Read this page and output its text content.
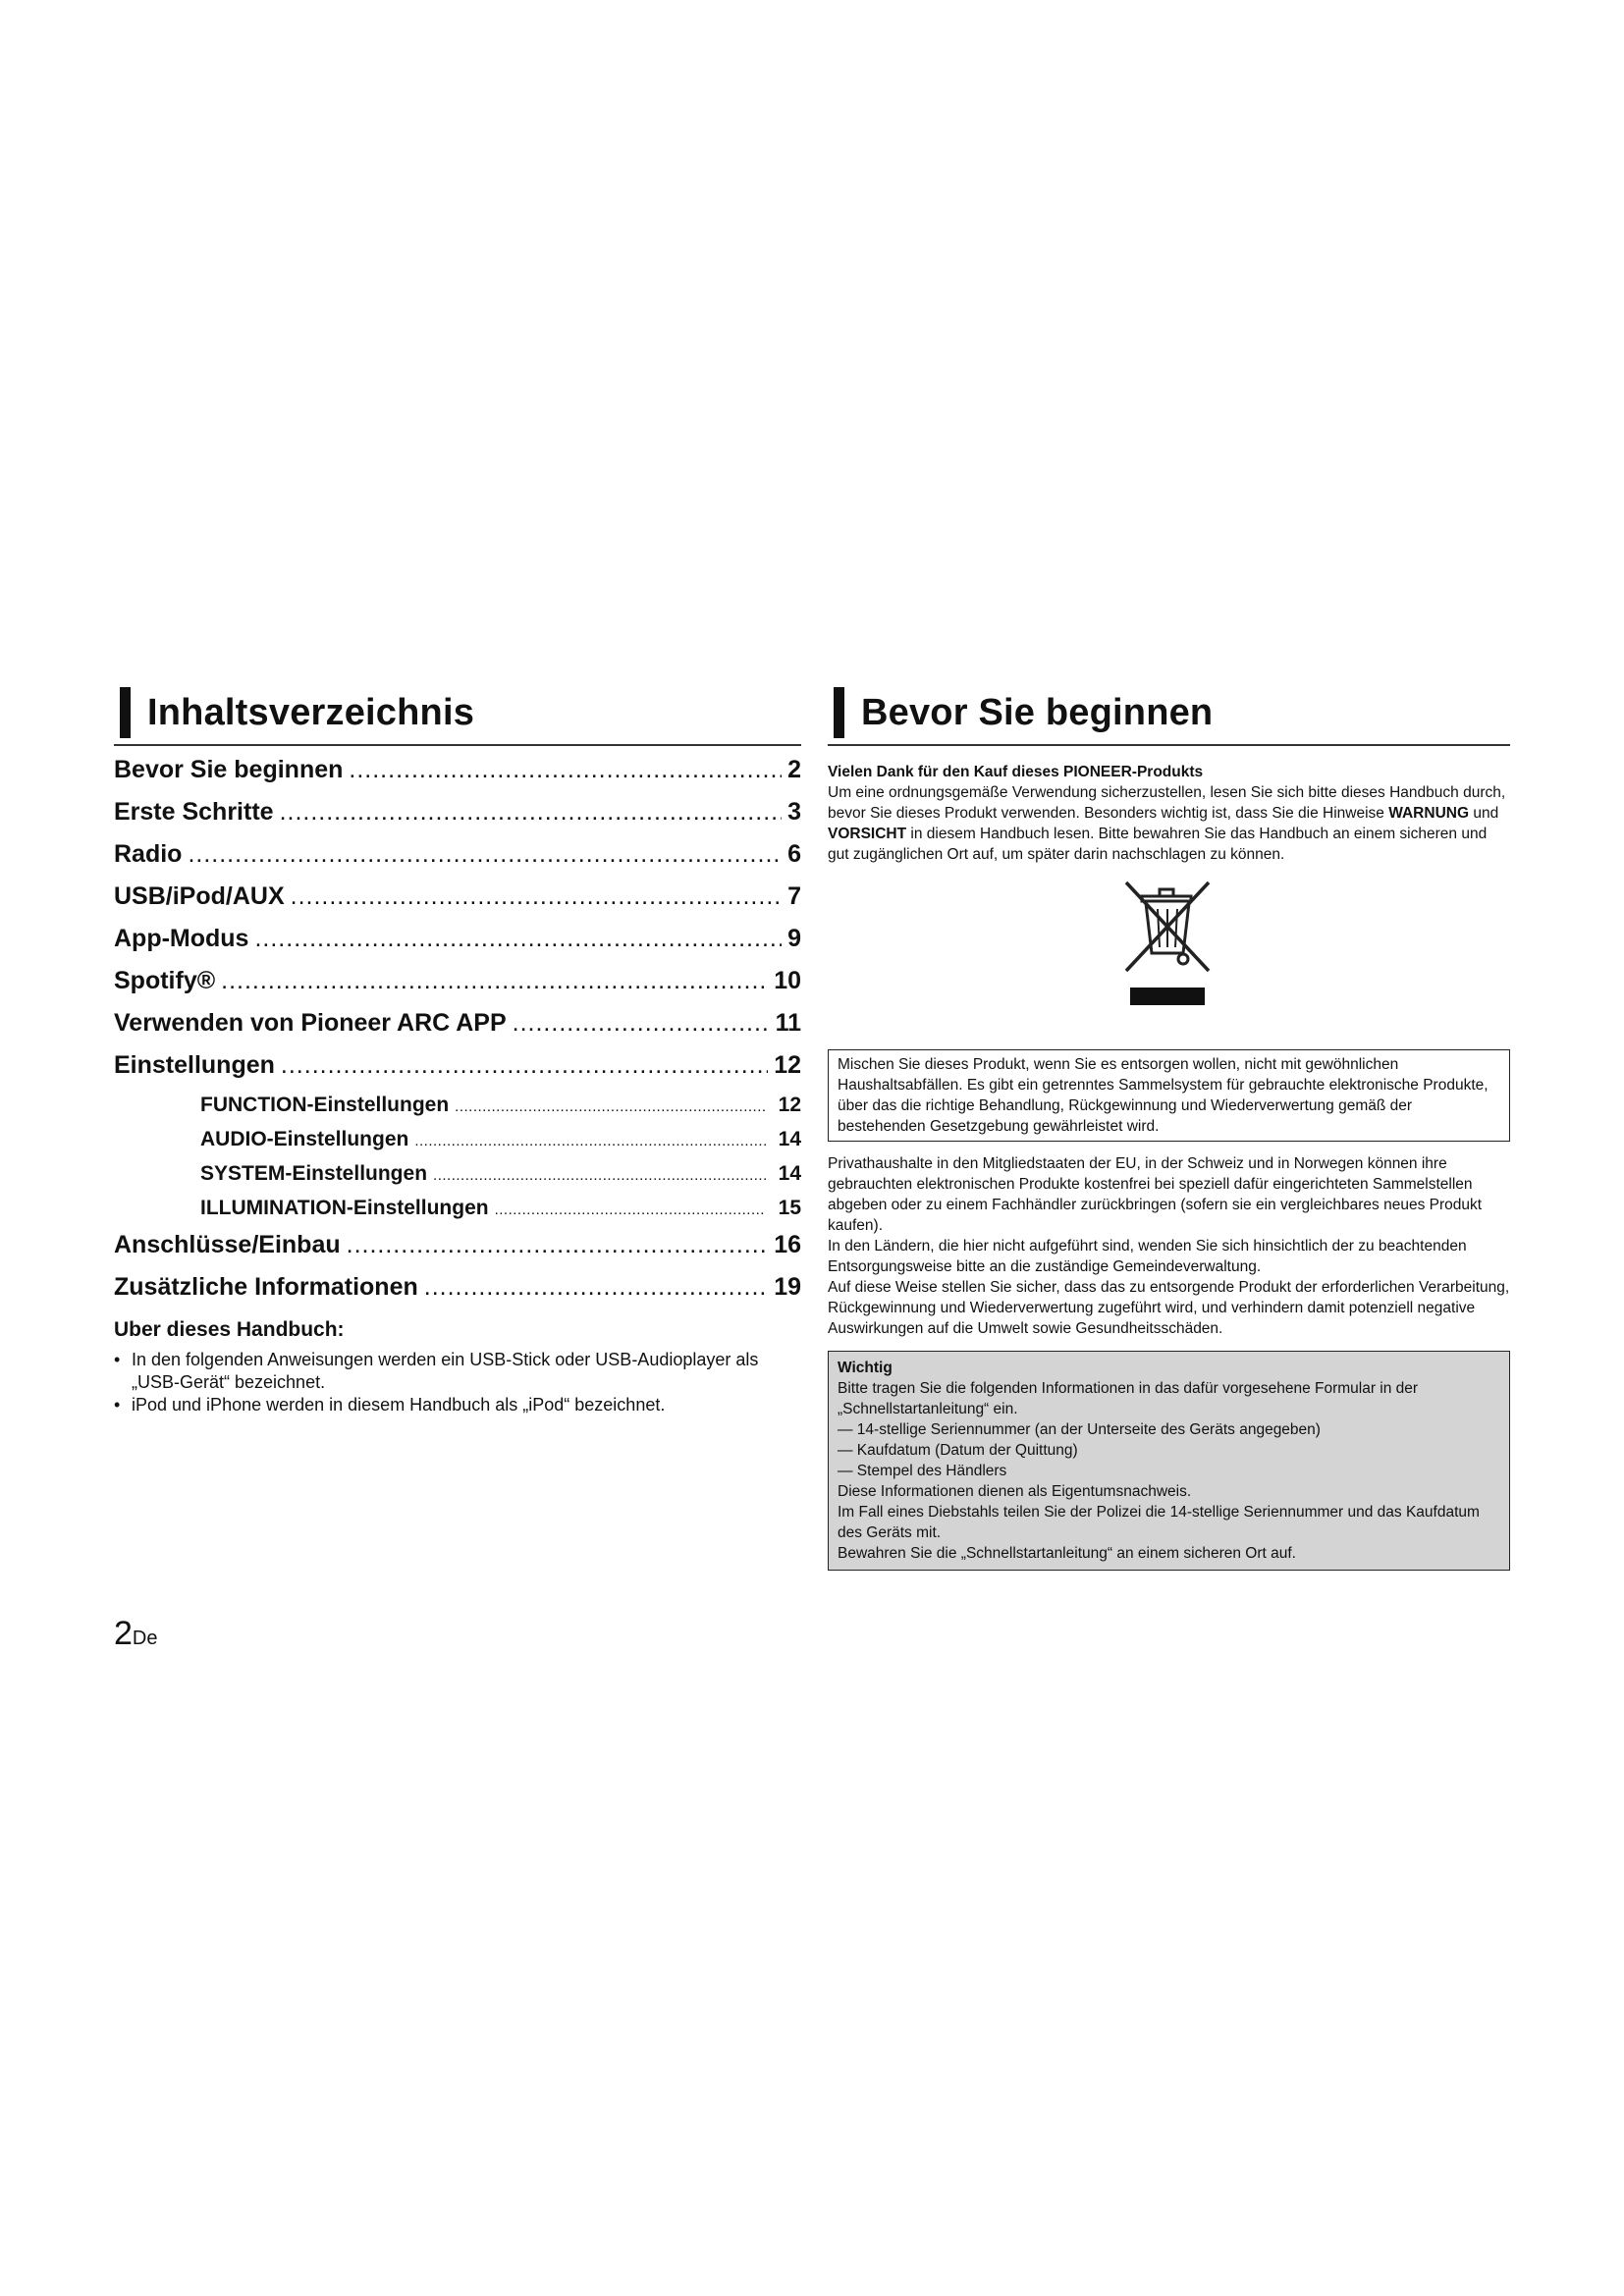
Inhaltsverzeichnis
Bevor Sie beginnen .....	2
Erste Schritte .....	3
Radio .....	6
USB/iPod/AUX .....	7
App-Modus .....	9
Spotify® .....	10
Verwenden von Pioneer ARC APP .....	11
Einstellungen .....	12
FUNCTION-Einstellungen .....	12
AUDIO-Einstellungen .....	14
SYSTEM-Einstellungen .....	14
ILLUMINATION-Einstellungen .....	15
Anschlüsse/Einbau .....	16
Zusätzliche Informationen .....	19
Uber dieses Handbuch:
• In den folgenden Anweisungen werden ein USB-Stick oder USB-Audioplayer als „USB-Gerät“ bezeichnet.
• iPod und iPhone werden in diesem Handbuch als „iPod“ bezeichnet.
Bevor Sie beginnen
Vielen Dank für den Kauf dieses PIONEER-Produkts
Um eine ordnungsgemäße Verwendung sicherzustellen, lesen Sie sich bitte dieses Handbuch durch, bevor Sie dieses Produkt verwenden. Besonders wichtig ist, dass Sie die Hinweise WARNUNG und VORSICHT in diesem Handbuch lesen. Bitte bewahren Sie das Handbuch an einem sicheren und gut zugänglichen Ort auf, um später darin nachschlagen zu können.
Mischen Sie dieses Produkt, wenn Sie es entsorgen wollen, nicht mit gewöhnlichen Haushaltsabfällen. Es gibt ein getrenntes Sammelsystem für gebrauchte elektronische Produkte, über das die richtige Behandlung, Rückgewinnung und Wiederverwertung gemäß der bestehenden Gesetzgebung gewährleistet wird.
Privathaushalte in den Mitgliedstaaten der EU, in der Schweiz und in Norwegen können ihre gebrauchten elektronischen Produkte kostenfrei bei speziell dafür eingerichteten Sammelstellen abgeben oder zu einem Fachhändler zurückbringen (sofern sie ein vergleichbares neues Produkt kaufen).
In den Ländern, die hier nicht aufgeführt sind, wenden Sie sich hinsichtlich der zu beachtenden Entsorgungsweise bitte an die zuständige Gemeindeverwaltung.
Auf diese Weise stellen Sie sicher, dass das zu entsorgende Produkt der erforderlichen Verarbeitung, Rückgewinnung und Wiederverwertung zugeführt wird, und verhindern damit potenziell negative Auswirkungen auf die Umwelt sowie Gesundheitsschäden.
Wichtig
Bitte tragen Sie die folgenden Informationen in das dafür vorgesehene Formular in der „Schnellstartanleitung“ ein.
— 14-stellige Seriennummer (an der Unterseite des Geräts angegeben)
— Kaufdatum (Datum der Quittung)
— Stempel des Händlers
Diese Informationen dienen als Eigentumsnachweis.
Im Fall eines Diebstahls teilen Sie der Polizei die 14-stellige Seriennummer und das Kaufdatum des Geräts mit.
Bewahren Sie die „Schnellstartanleitung“ an einem sicheren Ort auf.
2De
